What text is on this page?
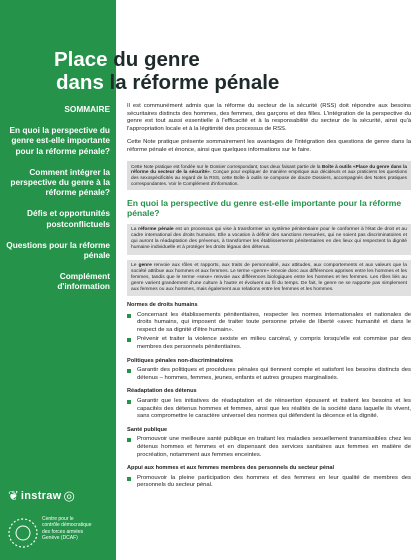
Place du genre
dans la réforme pénale
SOMMAIRE
En quoi la perspective du genre est-elle importante pour la réforme pénale?
Comment intégrer la perspective du genre à la réforme pénale?
Défis et opportunités postconflictuels
Questions pour la réforme pénale
Complément d'information
❦ instraw ◎
Centre pour le
contrôle démocratique
des forces armées
Genève (DCAF)

Il est communément admis que la réforme du secteur de la sécurité (RSS) doit répondre aux besoins sécuritaires distincts des hommes, des femmes, des garçons et des filles. L'intégration de la perspective du genre est tout aussi essentielle à l'efficacité et à la responsabilité du secteur de la sécurité, ainsi qu'à l'appropriation locale et à la légitimité des processus de RSS.

Cette Note pratique présente sommairement les avantages de l'intégration des questions de genre dans la réforme pénale et énonce, ainsi que quelques informations sur le faire.

Cette Note pratique est fondée sur le Dossier correspondant, tous deux faisant partie de la Boîte à outils «Place du genre dans la réforme du secteur de la sécurité». Conçue pour expliquer de manière empirique aux décideurs et aux praticiens les questions des sexospécificités au regard de la RSS, cette Boîte à outils se compose de douze Dossiers, accompagnés des Notes pratiques correspondantes. Voir le Complément d'information.
En quoi la perspective du genre est-elle importante pour la réforme pénale?
La réforme pénale est un processus qui vise à transformer un système pénitentiaire pour le conformer à l'état de droit et au cadre international des droits humains. Elle a vocation à définir des sanctions mesurées, qui ne soient pas discriminatoires et qui auront la réadaptation des prévenus, à transformer les établissements pénitentiaires en des lieux qui respectent la dignité humaine individuelle et à protéger les droits légaux des détenus.
Le genre renvoie aux rôles et rapports, aux traits de personnalité, aux attitudes, aux comportements et aux valeurs que la société attribue aux hommes et aux femmes. Le terme «genre» renvoie donc aux différences apprises entre les hommes et les femmes, tandis que le terme «sexe» renvoie aux différences biologiques entre les hommes et les femmes. Les rôles liés au genre varient grandement d'une culture à l'autre et évoluent au fil du temps. De fait, le genre ne se rapporte pas simplement aux femmes ou aux hommes, mais également aux relations entre les femmes et les hommes.
Normes de droits humains
Concernant les établissements pénitentiaires, respecter les normes internationales et nationales de droits humains, qui imposent de traiter toute personne privée de liberté «avec humanité et dans le respect de sa dignité d'être humain».
Prévenir et traiter la violence sexiste en milieu carcéral, y compris lorsqu'elle est commise par des membres des personnels pénitentiaires.
Politiques pénales non-discriminatoires
Garantir des politiques et procédures pénales qui tiennent compte et satisfont les besoins distincts des détenus – hommes, femmes, jeunes, enfants et autres groupes marginalisés.
Réadaptation des détenus
Garantir que les initiatives de réadaptation et de réinsertion épousent et traitent les besoins et les capacités des détenus hommes et femmes, ainsi que les réalités de la société dans laquelle ils vivent, sans compromettre le caractère universel des normes qui défendent la décence et la dignité.
Santé publique
Promouvoir une meilleure santé publique en traitant les maladies sexuellement transmissibles chez les détenus hommes et femmes et en dispensant des services sanitaires aux femmes en matière de procréation, notamment aux femmes enceintes.
Appui aux hommes et aux femmes membres des personnels du secteur pénal
Promouvoir la pleine participation des hommes et des femmes en leur qualité de membres des personnels du secteur pénal.
